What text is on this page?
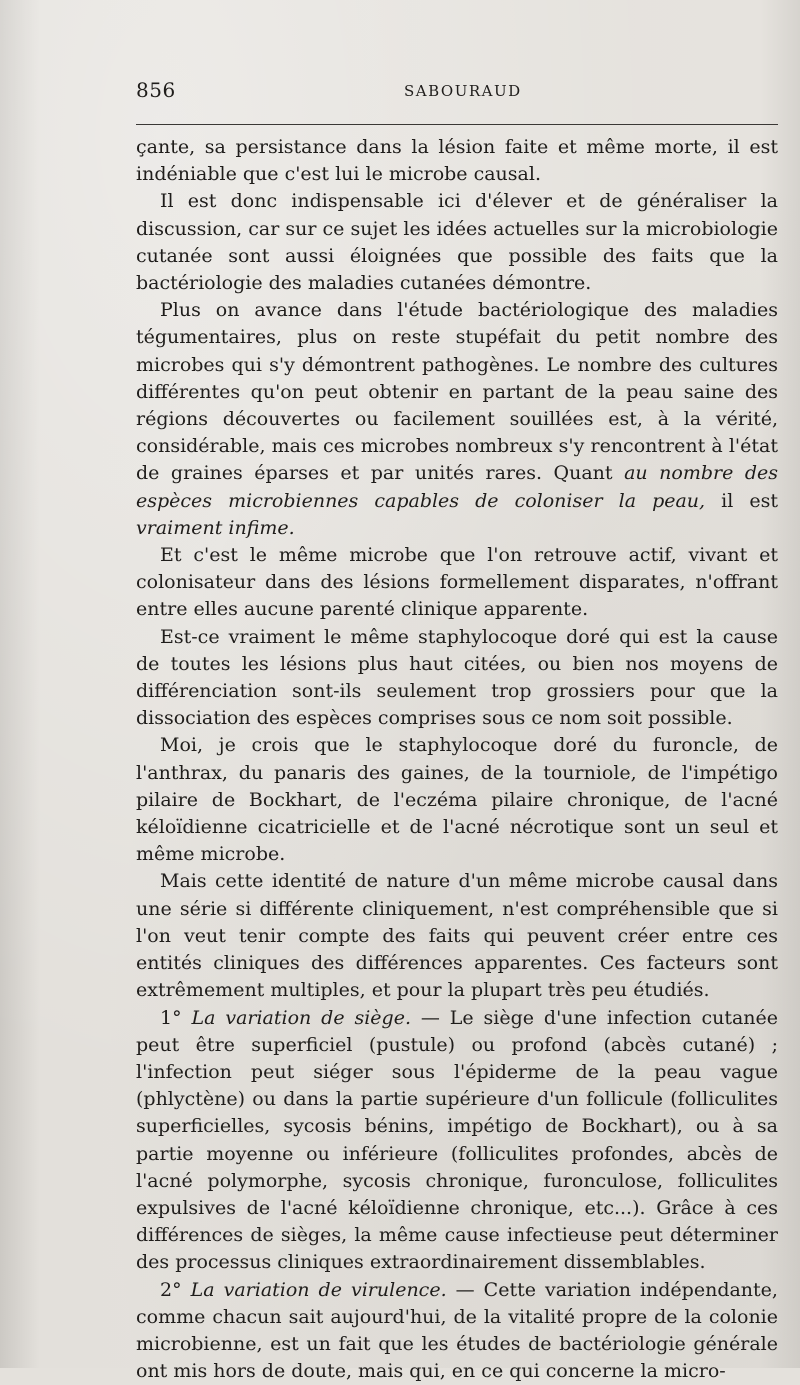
856	SABOURAUD

çante, sa persistance dans la lésion faite et même morte, il est indéniable que c'est lui le microbe causal.

Il est donc indispensable ici d'élever et de généraliser la discussion, car sur ce sujet les idées actuelles sur la microbiologie cutanée sont aussi éloignées que possible des faits que la bactériologie des maladies cutanées démontre.

Plus on avance dans l'étude bactériologique des maladies tégumentaires, plus on reste stupéfait du petit nombre des microbes qui s'y démontrent pathogènes. Le nombre des cultures différentes qu'on peut obtenir en partant de la peau saine des régions découvertes ou facilement souillées est, à la vérité, considérable, mais ces microbes nombreux s'y rencontrent à l'état de graines éparses et par unités rares. Quant au nombre des espèces microbiennes capables de coloniser la peau, il est vraiment infime.

Et c'est le même microbe que l'on retrouve actif, vivant et colonisateur dans des lésions formellement disparates, n'offrant entre elles aucune parenté clinique apparente.

Est-ce vraiment le même staphylocoque doré qui est la cause de toutes les lésions plus haut citées, ou bien nos moyens de différenciation sont-ils seulement trop grossiers pour que la dissociation des espèces comprises sous ce nom soit possible.

Moi, je crois que le staphylocoque doré du furoncle, de l'anthrax, du panaris des gaines, de la tourniole, de l'impétigo pilaire de Bockhart, de l'eczéma pilaire chronique, de l'acné kéloïdienne cicatricielle et de l'acné nécrotique sont un seul et même microbe.

Mais cette identité de nature d'un même microbe causal dans une série si différente cliniquement, n'est compréhensible que si l'on veut tenir compte des faits qui peuvent créer entre ces entités cliniques des différences apparentes. Ces facteurs sont extrêmement multiples, et pour la plupart très peu étudiés.

1° La variation de siège. — Le siège d'une infection cutanée peut être superficiel (pustule) ou profond (abcès cutané) ; l'infection peut siéger sous l'épiderme de la peau vague (phlyctène) ou dans la partie supérieure d'un follicule (folliculites superficielles, sycosis bénins, impétigo de Bockhart), ou à sa partie moyenne ou inférieure (folliculites profondes, abcès de l'acné polymorphe, sycosis chronique, furonculose, folliculites expulsives de l'acné kéloïdienne chronique, etc...). Grâce à ces différences de sièges, la même cause infectieuse peut déterminer des processus cliniques extraordinairement dissemblables.

2° La variation de virulence. — Cette variation indépendante, comme chacun sait aujourd'hui, de la vitalité propre de la colonie microbienne, est un fait que les études de bactériologie générale ont mis hors de doute, mais qui, en ce qui concerne la micro-
